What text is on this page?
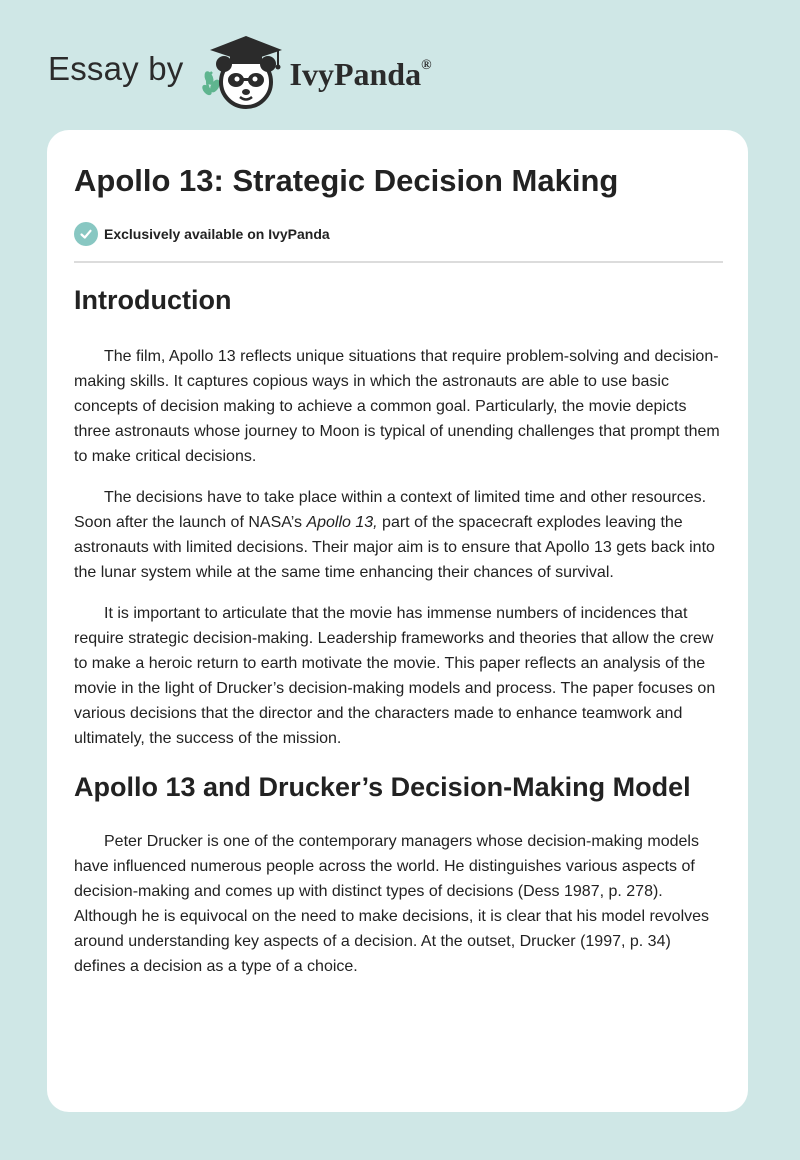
Essay by	IvyPanda®
Apollo 13: Strategic Decision Making
Exclusively available on IvyPanda
Introduction

The film, Apollo 13 reflects unique situations that require problem-solving and decision-making skills. It captures copious ways in which the astronauts are able to use basic concepts of decision making to achieve a common goal. Particularly, the movie depicts three astronauts whose journey to Moon is typical of unending challenges that prompt them to make critical decisions.

The decisions have to take place within a context of limited time and other resources. Soon after the launch of NASA’s Apollo 13, part of the spacecraft explodes leaving the astronauts with limited decisions. Their major aim is to ensure that Apollo 13 gets back into the lunar system while at the same time enhancing their chances of survival.

It is important to articulate that the movie has immense numbers of incidences that require strategic decision-making. Leadership frameworks and theories that allow the crew to make a heroic return to earth motivate the movie. This paper reflects an analysis of the movie in the light of Drucker’s decision-making models and process. The paper focuses on various decisions that the director and the characters made to enhance teamwork and ultimately, the success of the mission.

Apollo 13 and Drucker’s Decision-Making Model

Peter Drucker is one of the contemporary managers whose decision-making models have influenced numerous people across the world. He distinguishes various aspects of decision-making and comes up with distinct types of decisions (Dess 1987, p. 278). Although he is equivocal on the need to make decisions, it is clear that his model revolves around understanding key aspects of a decision. At the outset, Drucker (1997, p. 34) defines a decision as a type of a choice.
